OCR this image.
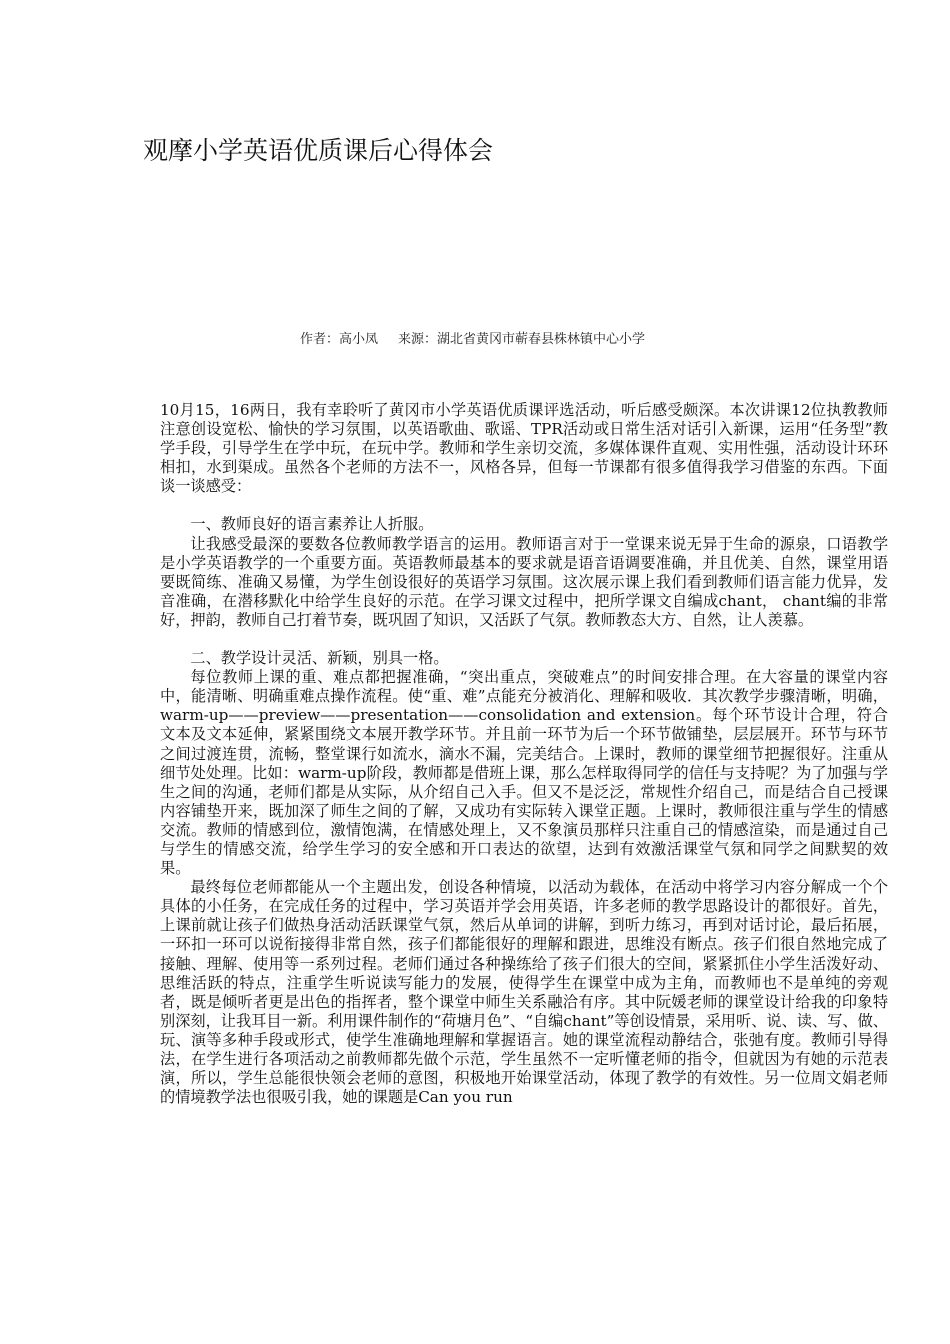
观摩小学英语优质课后心得体会
作者：高小凤 来源：湖北省黄冈市蕲春县株林镇中心小学

10月15，16两日，我有幸聆听了黄冈市小学英语优质课评选活动，听后感受颇深。本次讲课12位执教教师注意创设宽松、愉快的学习氛围，以英语歌曲、歌谣、TPR活动或日常生活对话引入新课，运用“任务型”教学手段，引导学生在学中玩，在玩中学。教师和学生亲切交流，多媒体课件直观、实用性强，活动设计环环相扣，水到渠成。虽然各个老师的方法不一，风格各异，但每一节课都有很多值得我学习借鉴的东西。下面谈一谈感受：

一、教师良好的语言素养让人折服。

让我感受最深的要数各位教师教学语言的运用。教师语言对于一堂课来说无异于生命的源泉，口语教学是小学英语教学的一个重要方面。英语教师最基本的要求就是语音语调要准确，并且优美、自然，课堂用语要既简练、准确又易懂，为学生创设很好的英语学习氛围。这次展示课上我们看到教师们语言能力优异，发音准确，在潜移默化中给学生良好的示范。在学习课文过程中，把所学课文自编成chant， chant编的非常好，押韵，教师自己打着节奏，既巩固了知识，又活跃了气氛。教师教态大方、自然，让人羡慕。

二、教学设计灵活、新颖，别具一格。

每位教师上课的重、难点都把握准确，“突出重点，突破难点”的时间安排合理。在大容量的课堂内容中，能清晰、明确重难点操作流程。使“重、难”点能充分被消化、理解和吸收．其次教学步骤清晰，明确，warm-up——preview——presentation——consolidation and extension。每个环节设计合理，符合文本及文本延伸，紧紧围绕文本展开教学环节。并且前一环节为后一个环节做铺垫，层层展开。环节与环节之间过渡连贯，流畅，整堂课行如流水，滴水不漏，完美结合。上课时，教师的课堂细节把握很好。注重从细节处处理。比如：warm-up阶段，教师都是借班上课，那么怎样取得同学的信任与支持呢？为了加强与学生之间的沟通，老师们都是从实际，从介绍自己入手。但又不是泛泛，常规性介绍自己，而是结合自己授课内容铺垫开来，既加深了师生之间的了解，又成功有实际转入课堂正题。上课时，教师很注重与学生的情感交流。教师的情感到位，激情饱满，在情感处理上，又不象演员那样只注重自己的情感渲染，而是通过自己与学生的情感交流，给学生学习的安全感和开口表达的欲望，达到有效激活课堂气氛和同学之间默契的效果。

最终每位老师都能从一个主题出发，创设各种情境，以活动为载体，在活动中将学习内容分解成一个个具体的小任务，在完成任务的过程中，学习英语并学会用英语，许多老师的教学思路设计的都很好。首先，上课前就让孩子们做热身活动活跃课堂气氛，然后从单词的讲解，到听力练习，再到对话讨论，最后拓展，一环扣一环可以说衔接得非常自然，孩子们都能很好的理解和跟进，思维没有断点。孩子们很自然地完成了接触、理解、使用等一系列过程。老师们通过各种操练给了孩子们很大的空间，紧紧抓住小学生活泼好动、思维活跃的特点，注重学生听说读写能力的发展，使得学生在课堂中成为主角，而教师也不是单纯的旁观者，既是倾听者更是出色的指挥者，整个课堂中师生关系融洽有序。其中阮媛老师的课堂设计给我的印象特别深刻，让我耳目一新。利用课件制作的“荷塘月色”、“自编chant”等创设情景，采用听、说、读、写、做、玩、演等多种手段或形式，使学生准确地理解和掌握语言。她的课堂流程动静结合，张弛有度。教师引导得法，在学生进行各项活动之前教师都先做个示范，学生虽然不一定听懂老师的指令，但就因为有她的示范表演，所以，学生总能很快领会老师的意图，积极地开始课堂活动，体现了教学的有效性。另一位周文娟老师的情境教学法也很吸引我，她的课题是Can you run
